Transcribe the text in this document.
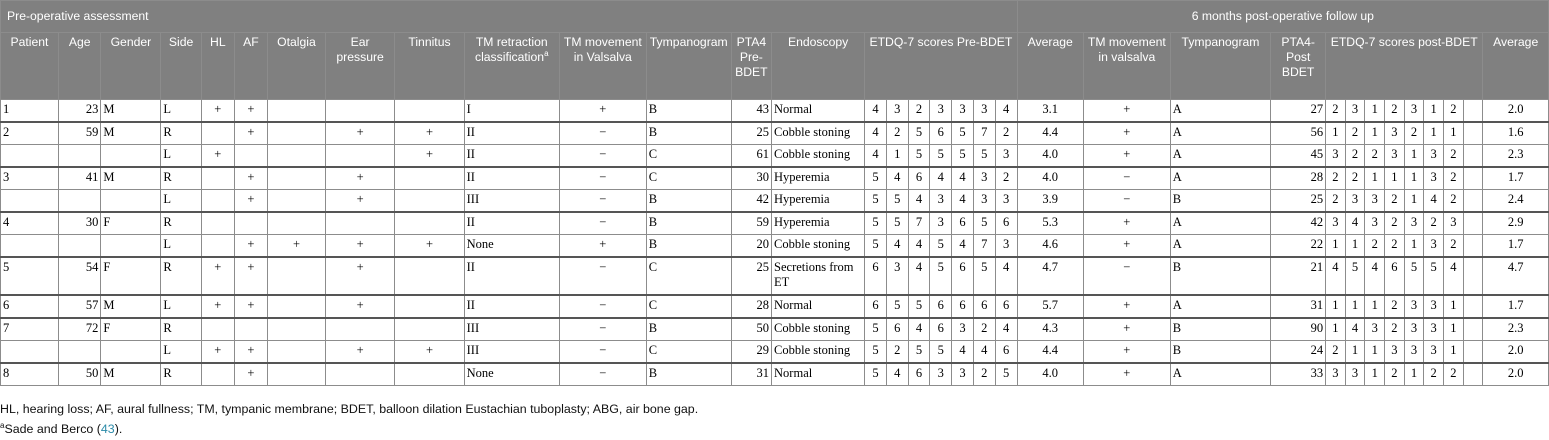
Pre-operative assessment																					6 months post-operative follow up												
Patient	Age	Gender	Side	HL	AF	Otalgia	Ear pressure	Tinnitus	TM retraction classification$^a$	TM movement in Valsalva	Tympanogram	PTA4 Pre-BDET	Endoscopy	ETDQ-7 scores Pre-BDET							Average	TM movement in valsalva	Tympanogram	PTA4-Post BDET	ETDQ-7 scores post-BDET								Average
1	23	M	L	+	+				I	+	B	43	Normal	4	3	2	3	3	3	4	3.1	+	A	27	2	3	1	2	3	1	2		2.0
2	59	M	R		+		+	+	II	−	B	25	Cobble stoning	4	2	5	6	5	7	2	4.4	+	A	56	1	2	1	3	2	1	1		1.6
			L	+				+	II	−	C	61	Cobble stoning	4	1	5	5	5	5	3	4.0	+	A	45	3	2	2	3	1	3	2		2.3
3	41	M	R		+		+		II	−	C	30	Hyperemia	5	4	6	4	4	3	2	4.0	−	A	28	2	2	1	1	1	3	2		1.7
			L		+		+		III	−	B	42	Hyperemia	5	5	4	3	4	3	3	3.9	−	B	25	2	3	3	2	1	4	2		2.4
4	30	F	R						II	−	B	59	Hyperemia	5	5	7	3	6	5	6	5.3	+	A	42	3	4	3	2	3	2	3		2.9
			L		+	+	+	+	None	+	B	20	Cobble stoning	5	4	4	5	4	7	3	4.6	+	A	22	1	1	2	2	1	3	2		1.7
5	54	F	R	+	+		+		II	−	C	25	Secretions from ET	6	3	4	5	6	5	4	4.7	−	B	21	4	5	4	6	5	5	4		4.7
6	57	M	L	+	+		+		II	−	C	28	Normal	6	5	5	6	6	6	6	5.7	+	A	31	1	1	1	2	3	3	1		1.7
7	72	F	R						III	−	B	50	Cobble stoning	5	6	4	6	3	2	4	4.3	+	B	90	1	4	3	2	3	3	1		2.3
			L	+	+		+	+	III	−	C	29	Cobble stoning	5	2	5	5	4	4	6	4.4	+	B	24	2	1	1	3	3	3	1		2.0
8	50	M	R		+				None	−	B	31	Normal	5	4	6	3	3	2	5	4.0	+	A	33	3	3	1	2	1	2	2		2.0
HL, hearing loss; AF, aural fullness; TM, tympanic membrane; BDET, balloon dilation Eustachian tuboplasty; ABG, air bone gap.
$^a$Sade and Berco (43).
